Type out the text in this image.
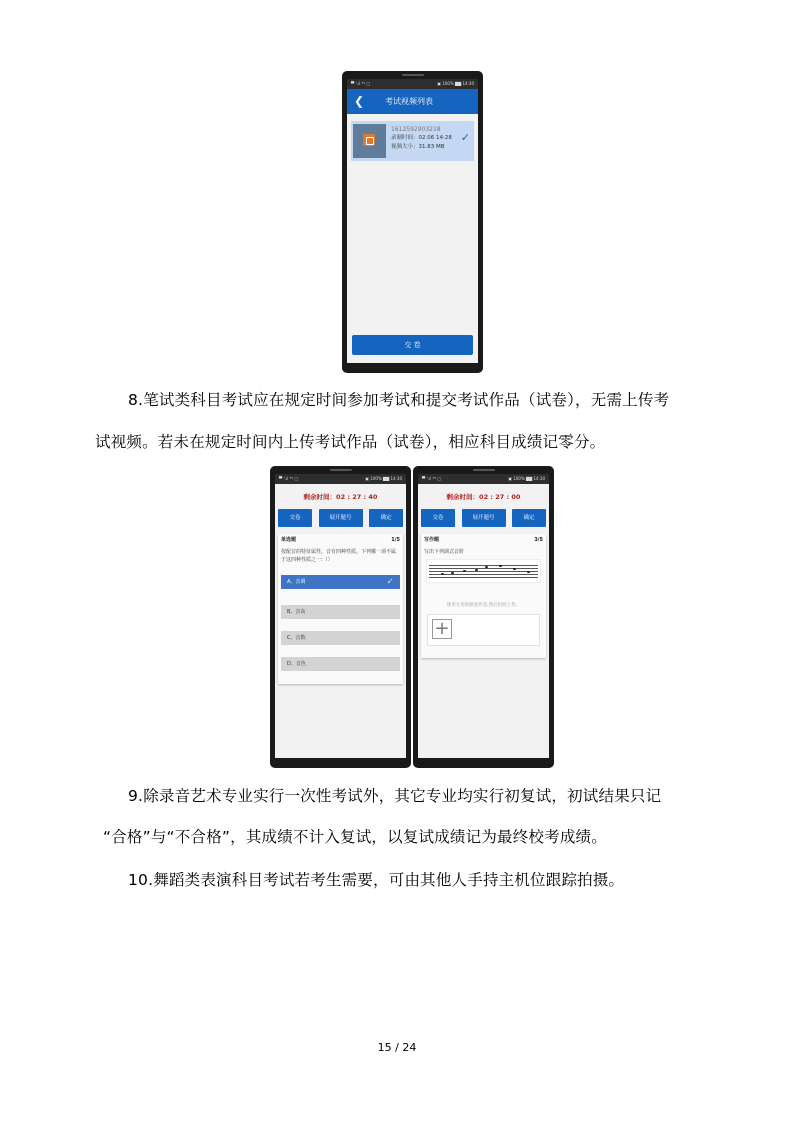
▀ ᵀ.ıl ⁵ᴳ ▢	▣ 100% ▇▇ 14:30
❮	考试视频列表
1612592903218
录制时间：02.06 14:28
视频大小：31.83 MB
✓
交 卷
8.笔试类科目考试应在规定时间参加考试和提交考试作品（试卷），无需上传考
试视频。若未在规定时间内上传考试作品（试卷），相应科目成绩记零分。
▀ ᵀ.ıl ⁵ᴳ ▢	▣ 100% ▇▇ 14:30
剩余时间：02 : 27 : 40
交卷	展开题号	确定
单选题	1/5
按配音的特征属性，音有四种性质，下列哪一项不属于这四种性质之一:（）
A、音调	✓
B、音高
C、音数
D、音色
▀ ᵀ.ıl ⁵ᴳ ▢	▣ 100% ▇▇ 14:30
剩余时间：02 : 27 : 00
交卷	展开题号	确定
写作题	3/5
写出下列调式音阶
使用专用的纸张作答,然后拍照上传。
+
9.除录音艺术专业实行一次性考试外，其它专业均实行初复试，初试结果只记
“合格”与“不合格”，其成绩不计入复试，以复试成绩记为最终校考成绩。
10.舞蹈类表演科目考试若考生需要，可由其他人手持主机位跟踪拍摄。
15 / 24
